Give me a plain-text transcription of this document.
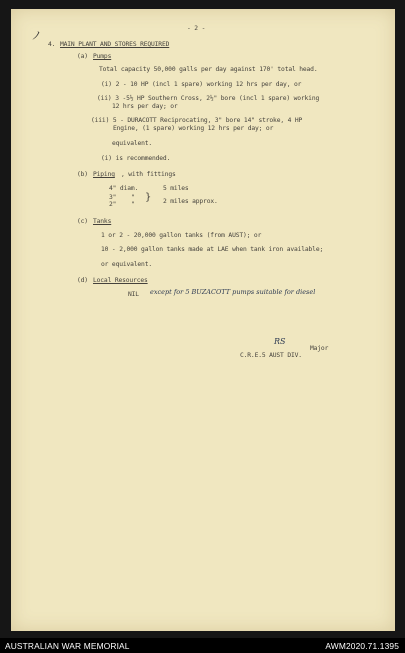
ノ
- 2 -
4. MAIN PLANT AND STORES REQUIRED
(a) Pumps
Total capacity 50,000 galls per day against 170' total head.
(i) 2 - 10 HP (incl 1 spare) working 12 hrs per day, or
(ii) 3 -5½ HP Southern Cross, 2½" bore (incl 1 spare) working
12 hrs per day; or
(iii) 5 - DURACOTT Reciprocating, 3" bore 14" stroke, 4 HP
Engine, (1 spare) working 12 hrs per day; or
equivalent.
(i) is recommended.
(b) Piping , with fittings
4" diam.	5 miles
3"
2"
"
"
} 2 miles approx.
(c) Tanks
1 or 2 - 20,000 gallon tanks (from AUST); or
10 - 2,000 gallon tanks made at LAE when tank iron available;
or equivalent.
(d) Local Resources
NIL except for 5 BUZACOTT pumps suitable for diesel
RS
Major
C.R.E.5 AUST DIV.
AUSTRALIAN WAR MEMORIAL	AWM2020.71.1395
